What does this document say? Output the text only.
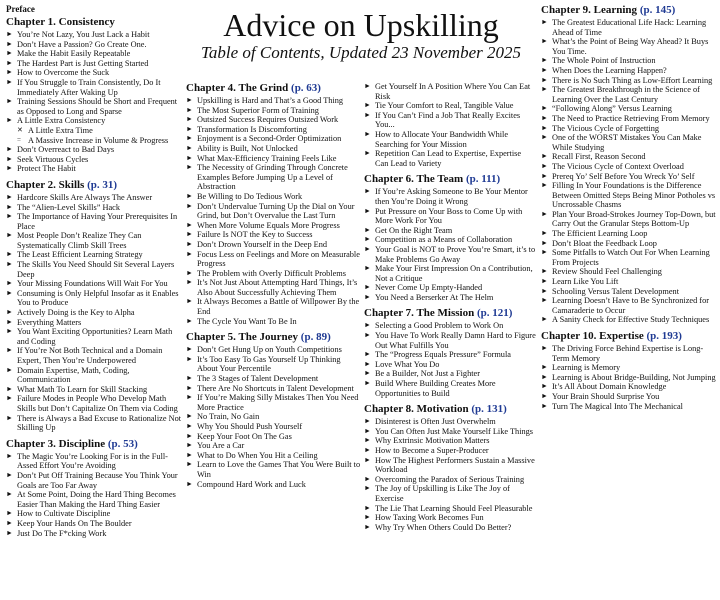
Advice on Upskilling
Table of Contents, Updated 23 November 2025
Preface
Chapter 1. Consistency
► You’re Not Lazy, You Just Lack a Habit
► Don’t Have a Passion? Go Create One.
► Make the Habit Easily Repeatable
► The Hardest Part is Just Getting Started
► How to Overcome the Suck
► If You Struggle to Train Consistently, Do It Immediately After Waking Up
► Training Sessions Should be Short and Frequent as Opposed to Long and Sparse
► A Little Extra Consistency
✕ A Little Extra Time
= A Massive Increase in Volume & Progress
► Don’t Overreact to Bad Days
► Seek Virtuous Cycles
► Protect The Habit
Chapter 2. Skills (p. 31)
► Hardcore Skills Are Always The Answer
► The “Alien-Level Skills” Hack
► The Importance of Having Your Prerequisites In Place
► Most People Don’t Realize They Can Systematically Climb Skill Trees
► The Least Efficient Learning Strategy
► The Skills You Need Should Sit Several Layers Deep
► Your Missing Foundations Will Wait For You
► Consuming is Only Helpful Insofar as it Enables You to Produce
► Actively Doing is the Key to Alpha
► Everything Matters
► You Want Exciting Opportunities? Learn Math and Coding
► If You’re Not Both Technical and a Domain Expert, Then You’re Underpowered
► Domain Expertise, Math, Coding, Communication
► What Math To Learn for Skill Stacking
► Failure Modes in People Who Develop Math Skills but Don’t Capitalize On Them via Coding
► There is Always a Bad Excuse to Rationalize Not Skilling Up
Chapter 3. Discipline (p. 53)
► The Magic You’re Looking For is in the Full-Assed Effort You’re Avoiding
► Don’t Put Off Training Because You Think Your Goals are Too Far Away
► At Some Point, Doing the Hard Thing Becomes Easier Than Making the Hard Thing Easier
► How to Cultivate Discipline
► Keep Your Hands On The Boulder
► Just Do The F*cking Work
Chapter 4. The Grind (p. 63)
► Upskilling is Hard and That’s a Good Thing
► The Most Superior Form of Training
► Outsized Success Requires Outsized Work
► Transformation Is Discomforting
► Enjoyment is a Second-Order Optimization
► Ability is Built, Not Unlocked
► What Max-Efficiency Training Feels Like
► The Necessity of Grinding Through Concrete Examples Before Jumping Up a Level of Abstraction
► Be Willing to Do Tedious Work
► Don’t Undervalue Turning Up the Dial on Your Grind, but Don’t Overvalue the Last Turn
► When More Volume Equals More Progress
► Failure Is NOT the Key to Success
► Don’t Drown Yourself in the Deep End
► Focus Less on Feelings and More on Measurable Progress
► The Problem with Overly Difficult Problems
► It’s Not Just About Attempting Hard Things, It’s Also About Successfully Achieving Them
► It Always Becomes a Battle of Willpower By the End
► The Cycle You Want To Be In
Chapter 5. The Journey (p. 89)
► Don’t Get Hung Up on Youth Competitions
► It’s Too Easy To Gas Yourself Up Thinking About Your Percentile
► The 3 Stages of Talent Development
► There Are No Shortcuts in Talent Development
► If You’re Making Silly Mistakes Then You Need More Practice
► No Train, No Gain
► Why You Should Push Yourself
► Keep Your Foot On The Gas
► You Are a Car
► What to Do When You Hit a Ceiling
► Learn to Love the Games That You Were Built to Win
► Compound Hard Work and Luck
► Get Yourself In A Position Where You Can Eat Risk
► Tie Your Comfort to Real, Tangible Value
► If You Can’t Find a Job That Really Excites You...
► How to Allocate Your Bandwidth While Searching for Your Mission
► Repetition Can Lead to Expertise, Expertise Can Lead to Variety
Chapter 6. The Team (p. 111)
► If You’re Asking Someone to Be Your Mentor then You’re Doing it Wrong
► Put Pressure on Your Boss to Come Up with More Work For You
► Get On the Right Team
► Competition as a Means of Collaboration
► Your Goal is NOT to Prove You’re Smart, it’s to Make Problems Go Away
► Make Your First Impression On a Contribution, Not a Critique
► Never Come Up Empty-Handed
► You Need a Berserker At The Helm
Chapter 7. The Mission (p. 121)
► Selecting a Good Problem to Work On
► You Have To Work Really Damn Hard to Figure Out What Fulfills You
► The “Progress Equals Pressure” Formula
► Love What You Do
► Be a Builder, Not Just a Fighter
► Build Where Building Creates More Opportunities to Build
Chapter 8. Motivation (p. 131)
► Disinterest is Often Just Overwhelm
► You Can Often Just Make Yourself Like Things
► Why Extrinsic Motivation Matters
► How to Become a Super-Producer
► How The Highest Performers Sustain a Massive Workload
► Overcoming the Paradox of Serious Training
► The Joy of Upskilling is Like The Joy of Exercise
► The Lie That Learning Should Feel Pleasurable
► How Taxing Work Becomes Fun
► Why Try When Others Could Do Better?
Chapter 9. Learning (p. 145)
► The Greatest Educational Life Hack: Learning Ahead of Time
► What’s the Point of Being Way Ahead? It Buys You Time.
► The Whole Point of Instruction
► When Does the Learning Happen?
► There is No Such Thing as Low-Effort Learning
► The Greatest Breakthrough in the Science of Learning Over the Last Century
► “Following Along” Versus Learning
► The Need to Practice Retrieving From Memory
► The Vicious Cycle of Forgetting
► One of the WORST Mistakes You Can Make While Studying
► Recall First, Reason Second
► The Vicious Cycle of Context Overload
► Prereq Yo’ Self Before You Wreck Yo’ Self
► Filling In Your Foundations is the Difference Between Omitted Steps Being Minor Potholes vs Uncrossable Chasms
► Plan Your Broad-Strokes Journey Top-Down, but Carry Out the Granular Steps Bottom-Up
► The Efficient Learning Loop
► Don’t Bloat the Feedback Loop
► Some Pitfalls to Watch Out For When Learning From Projects
► Review Should Feel Challenging
► Learn Like You Lift
► Schooling Versus Talent Development
► Learning Doesn’t Have to Be Synchronized for Camaraderie to Occur
► A Sanity Check for Effective Study Techniques
Chapter 10. Expertise (p. 193)
► The Driving Force Behind Expertise is Long-Term Memory
► Learning is Memory
► Learning is About Bridge-Building, Not Jumping
► It’s All About Domain Knowledge
► Your Brain Should Surprise You
► Turn The Magical Into The Mechanical
